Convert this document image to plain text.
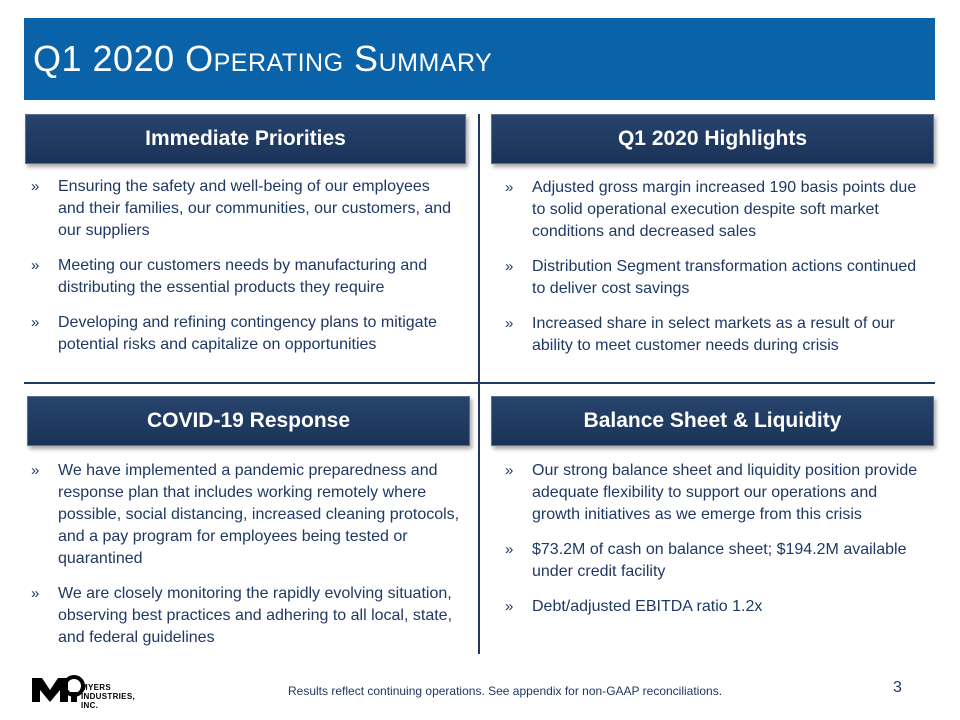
Q1 2020 Operating Summary
Immediate Priorities
» Ensuring the safety and well-being of our employees and their families, our communities, our customers, and our suppliers
» Meeting our customers needs by manufacturing and distributing the essential products they require
» Developing and refining contingency plans to mitigate potential risks and capitalize on opportunities
Q1 2020 Highlights
» Adjusted gross margin increased 190 basis points due to solid operational execution despite soft market conditions and decreased sales
» Distribution Segment transformation actions continued to deliver cost savings
» Increased share in select markets as a result of our ability to meet customer needs during crisis
COVID-19 Response
» We have implemented a pandemic preparedness and response plan that includes working remotely where possible, social distancing, increased cleaning protocols, and a pay program for employees being tested or quarantined
» We are closely monitoring the rapidly evolving situation, observing best practices and adhering to all local, state, and federal guidelines
Balance Sheet & Liquidity
» Our strong balance sheet and liquidity position provide adequate flexibility to support our operations and growth initiatives as we emerge from this crisis
» $73.2M of cash on balance sheet; $194.2M available under credit facility
» Debt/adjusted EBITDA ratio 1.2x
MYERS
INDUSTRIES,
INC.
Results reflect continuing operations. See appendix for non-GAAP reconciliations.	3
